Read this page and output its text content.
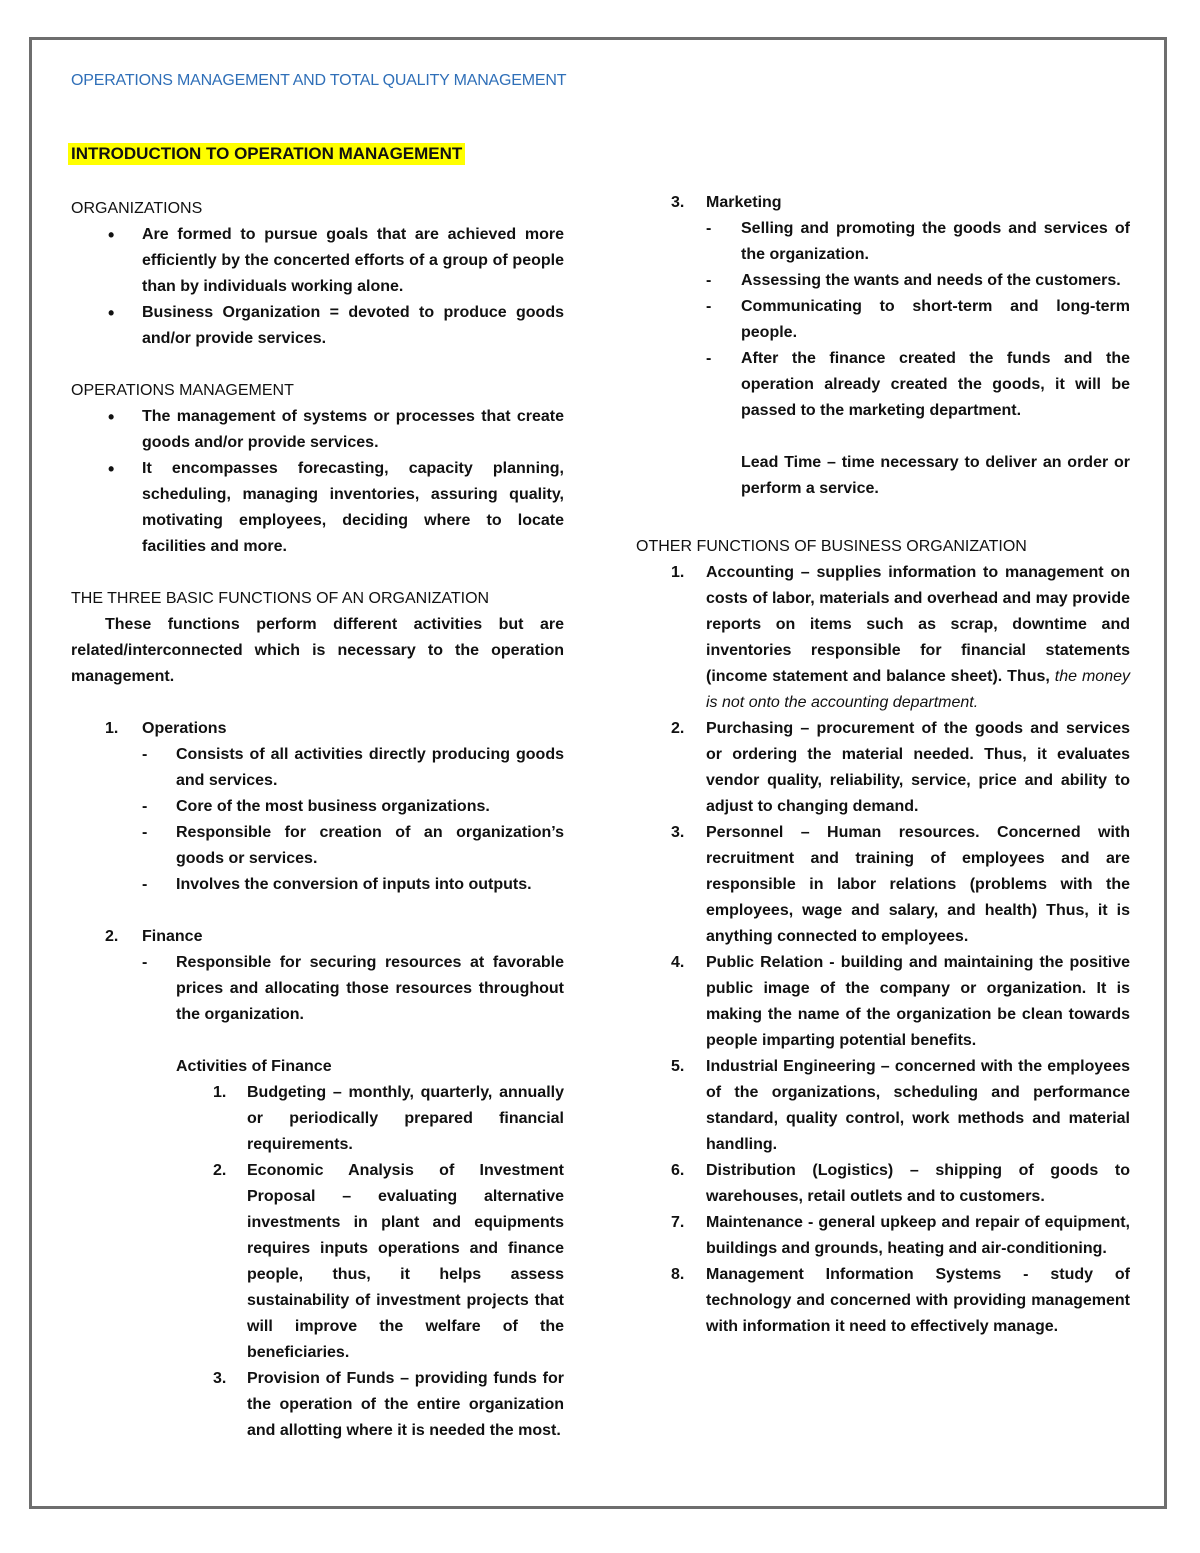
OPERATIONS MANAGEMENT AND TOTAL QUALITY MANAGEMENT
INTRODUCTION TO OPERATION MANAGEMENT
ORGANIZATIONS
• Are formed to pursue goals that are achieved more efficiently by the concerted efforts of a group of people than by individuals working alone.
• Business Organization = devoted to produce goods and/or provide services.
OPERATIONS MANAGEMENT
• The management of systems or processes that create goods and/or provide services.
• It encompasses forecasting, capacity planning, scheduling, managing inventories, assuring quality, motivating employees, deciding where to locate facilities and more.
THE THREE BASIC FUNCTIONS OF AN ORGANIZATION
These functions perform different activities but are related/interconnected which is necessary to the operation management.
1. Operations
- Consists of all activities directly producing goods and services.
- Core of the most business organizations.
- Responsible for creation of an organization’s goods or services.
- Involves the conversion of inputs into outputs.
2. Finance
- Responsible for securing resources at favorable prices and allocating those resources throughout the organization.
Activities of Finance
1. Budgeting – monthly, quarterly, annually or periodically prepared financial requirements.
2. Economic Analysis of Investment Proposal – evaluating alternative investments in plant and equipments requires inputs operations and finance people, thus, it helps assess sustainability of investment projects that will improve the welfare of the beneficiaries.
3. Provision of Funds – providing funds for the operation of the entire organization and allotting where it is needed the most.
3. Marketing
- Selling and promoting the goods and services of the organization.
- Assessing the wants and needs of the customers.
- Communicating to short-term and long-term people.
- After the finance created the funds and the operation already created the goods, it will be passed to the marketing department.
Lead Time – time necessary to deliver an order or perform a service.
OTHER FUNCTIONS OF BUSINESS ORGANIZATION
1. Accounting – supplies information to management on costs of labor, materials and overhead and may provide reports on items such as scrap, downtime and inventories responsible for financial statements (income statement and balance sheet). Thus, the money is not onto the accounting department.
2. Purchasing – procurement of the goods and services or ordering the material needed. Thus, it evaluates vendor quality, reliability, service, price and ability to adjust to changing demand.
3. Personnel – Human resources. Concerned with recruitment and training of employees and are responsible in labor relations (problems with the employees, wage and salary, and health) Thus, it is anything connected to employees.
4. Public Relation - building and maintaining the positive public image of the company or organization. It is making the name of the organization be clean towards people imparting potential benefits.
5. Industrial Engineering – concerned with the employees of the organizations, scheduling and performance standard, quality control, work methods and material handling.
6. Distribution (Logistics) – shipping of goods to warehouses, retail outlets and to customers.
7. Maintenance - general upkeep and repair of equipment, buildings and grounds, heating and air-conditioning.
8. Management Information Systems - study of technology and concerned with providing management with information it need to effectively manage.
